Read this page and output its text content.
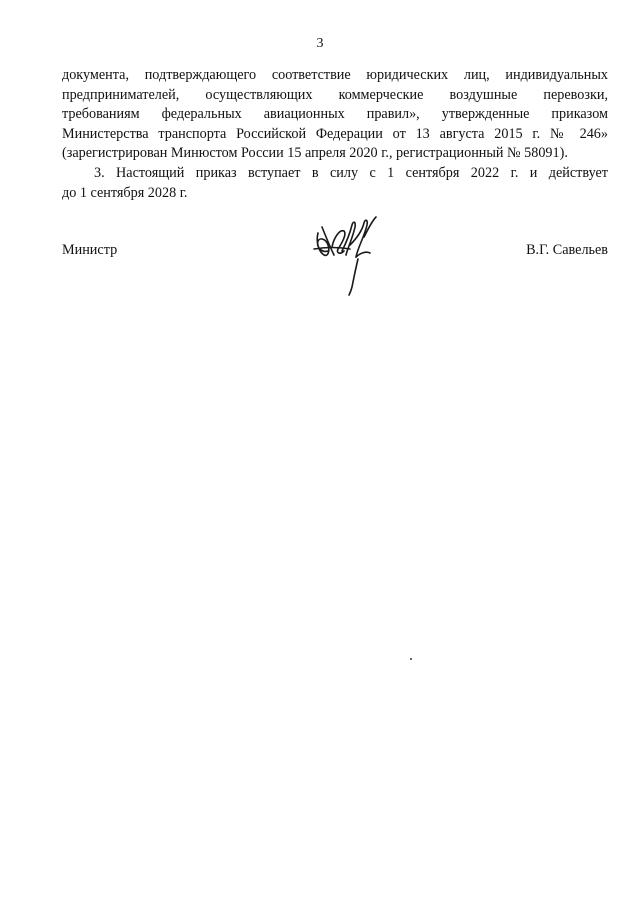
3
документа, подтверждающего соответствие юридических лиц, индивидуальных
предпринимателей, осуществляющих коммерческие воздушные перевозки,
требованиям федеральных авиационных правил», утвержденные приказом
Министерства транспорта Российской Федерации от 13 августа 2015 г. № 246»
(зарегистрирован Минюстом России 15 апреля 2020 г., регистрационный № 58091).
3. Настоящий приказ вступает в силу с 1 сентября 2022 г. и действует
до 1 сентября 2028 г.
Министр	В.Г. Савельев
